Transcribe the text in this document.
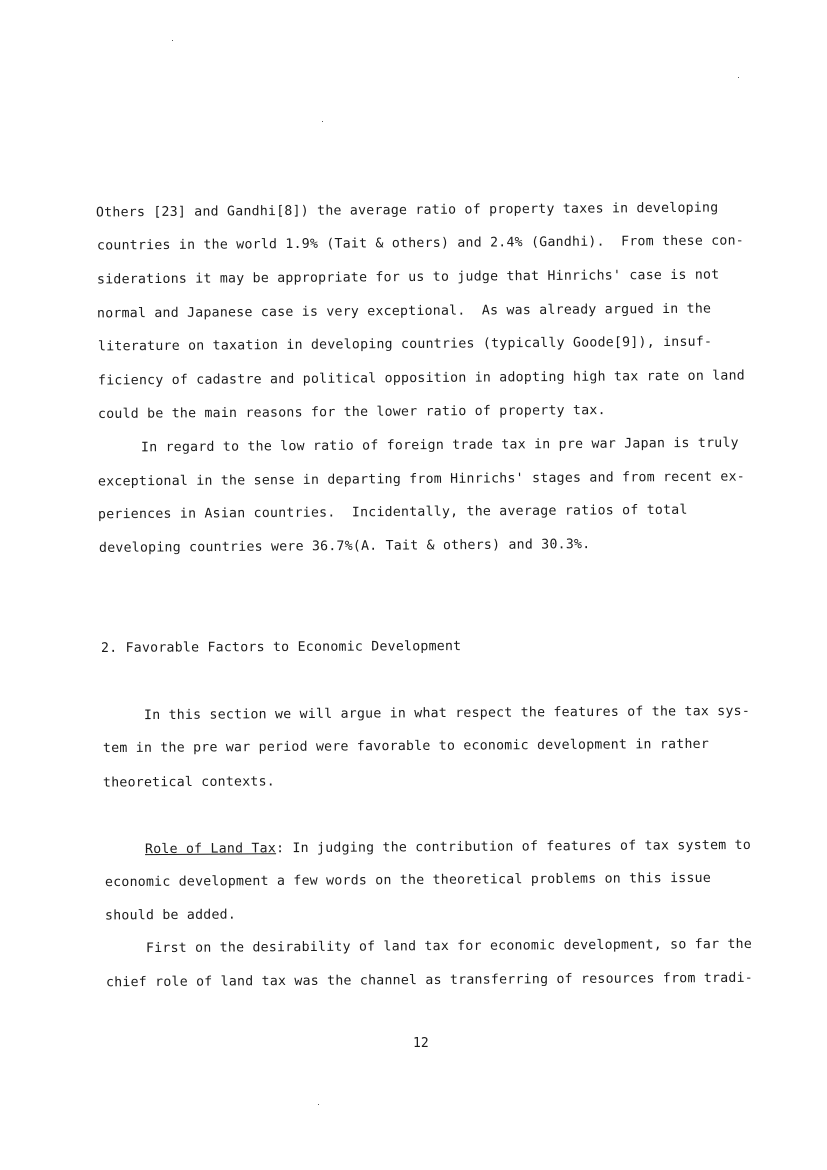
Others [23] and Gandhi[8]) the average ratio of property taxes in developing
countries in the world 1.9% (Tait & others) and 2.4% (Gandhi).  From these con-
siderations it may be appropriate for us to judge that Hinrichs' case is not
normal and Japanese case is very exceptional.  As was already argued in the
literature on taxation in developing countries (typically Goode[9]), insuf-
ficiency of cadastre and political opposition in adopting high tax rate on land
could be the main reasons for the lower ratio of property tax.
In regard to the low ratio of foreign trade tax in pre war Japan is truly
exceptional in the sense in departing from Hinrichs' stages and from recent ex-
periences in Asian countries.  Incidentally, the average ratios of total
developing countries were 36.7%(A. Tait & others) and 30.3%.
2. Favorable Factors to Economic Development
In this section we will argue in what respect the features of the tax sys-
tem in the pre war period were favorable to economic development in rather
theoretical contexts.
Role of Land Tax: In judging the contribution of features of tax system to
economic development a few words on the theoretical problems on this issue
should be added.
First on the desirability of land tax for economic development, so far the
chief role of land tax was the channel as transferring of resources from tradi-
12
